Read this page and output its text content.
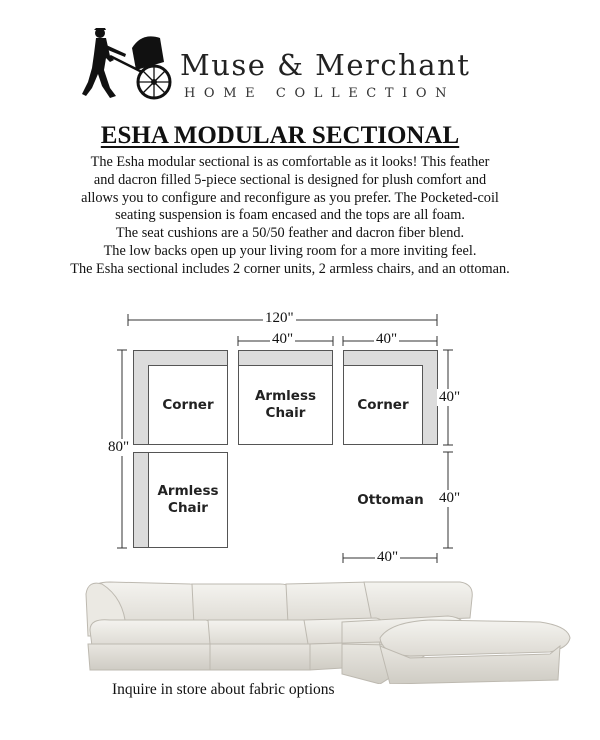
Muse & Merchant
HOME COLLECTION
ESHA MODULAR SECTIONAL

The Esha modular sectional is as comfortable as it looks! This feather

and dacron filled 5-piece sectional is designed for plush comfort and

allows you to configure and reconfigure as you prefer. The Pocketed-coil

seating suspension is foam encased and the tops are all foam.

The seat cushions are a 50/50 feather and dacron fiber blend.

The low backs open up your living room for a more inviting feel.

The Esha sectional includes 2 corner units, 2 armless chairs, and an ottoman.

Corner
Armless
Chair
Corner
Armless
Chair
Ottoman
120"
40"	40"
80"
40"
40"
40"
Inquire in store about fabric options
